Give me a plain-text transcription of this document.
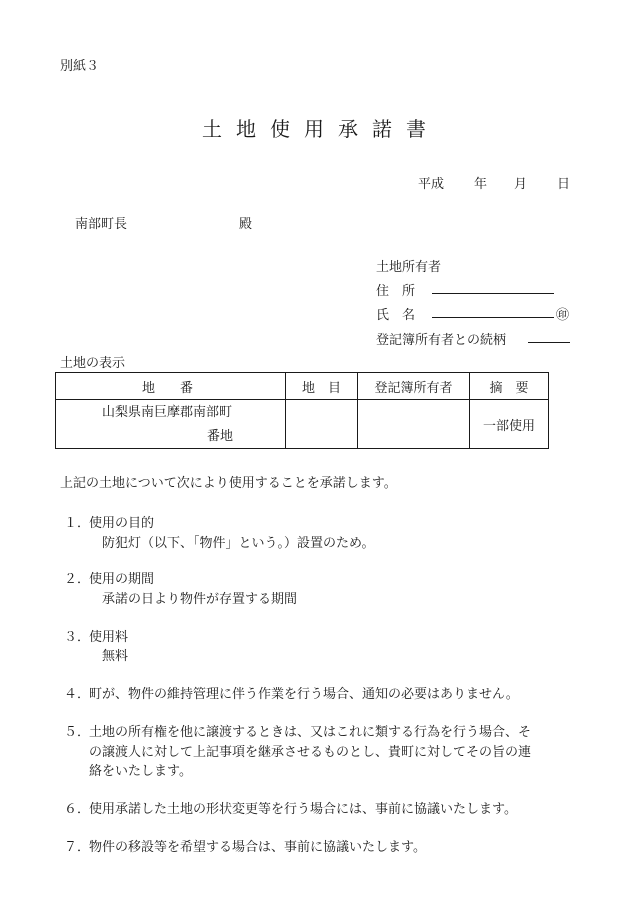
別紙３
土地使用承諾書
平成 年 月 日
南部町長	殿
土地所有者
住　所
氏　名	㊞
登記簿所有者との続柄
土地の表示
地　番	地　目	登記簿所有者	摘　要

山梨県南巨摩郡南部町
番地			一部使用
上記の土地について次により使用することを承諾します。
１．
使用の目的
防犯灯（以下、「物件」という。）設置のため。
２．
使用の期間
承諾の日より物件が存置する期間
３．
使用料
無料
４．
町が、物件の維持管理に伴う作業を行う場合、通知の必要はありません。
５．
土地の所有権を他に譲渡するときは、又はこれに類する行為を行う場合、そ
の譲渡人に対して上記事項を継承させるものとし、貴町に対してその旨の連
絡をいたします。
６．
使用承諾した土地の形状変更等を行う場合には、事前に協議いたします。
７．
物件の移設等を希望する場合は、事前に協議いたします。
